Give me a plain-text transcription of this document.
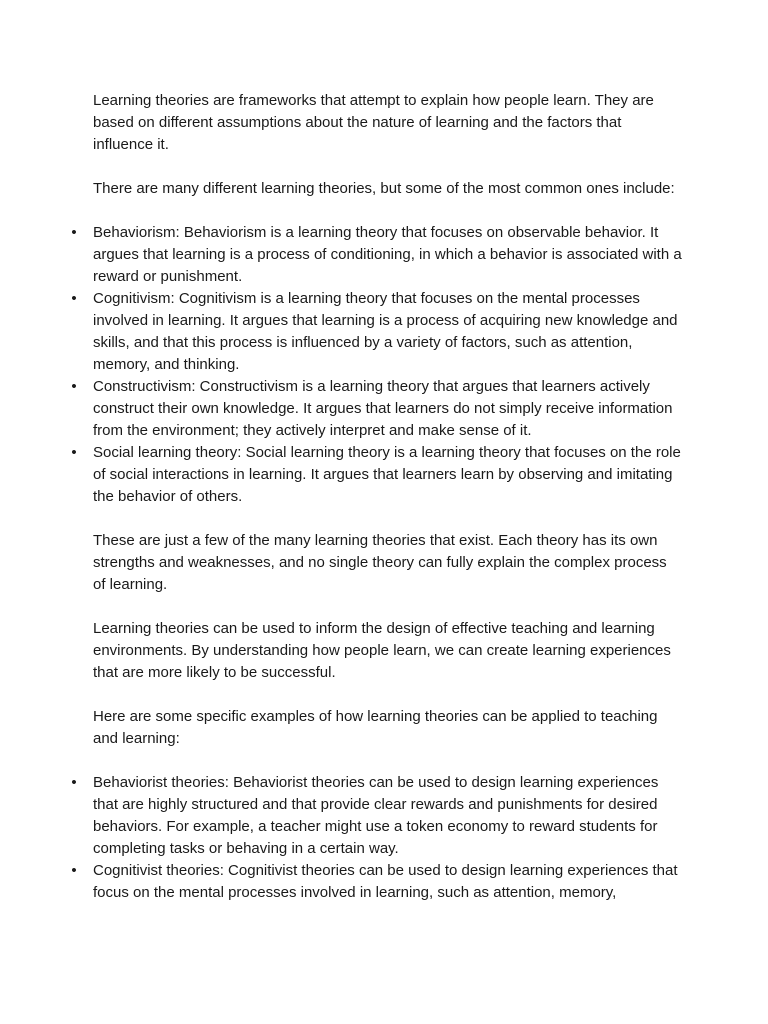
Learning theories are frameworks that attempt to explain how people learn. They are based on different assumptions about the nature of learning and the factors that influence it.

There are many different learning theories, but some of the most common ones include:

• Behaviorism: Behaviorism is a learning theory that focuses on observable behavior. It argues that learning is a process of conditioning, in which a behavior is associated with a reward or punishment.
• Cognitivism: Cognitivism is a learning theory that focuses on the mental processes involved in learning. It argues that learning is a process of acquiring new knowledge and skills, and that this process is influenced by a variety of factors, such as attention, memory, and thinking.
• Constructivism: Constructivism is a learning theory that argues that learners actively construct their own knowledge. It argues that learners do not simply receive information from the environment; they actively interpret and make sense of it.
• Social learning theory: Social learning theory is a learning theory that focuses on the role of social interactions in learning. It argues that learners learn by observing and imitating the behavior of others.

These are just a few of the many learning theories that exist. Each theory has its own strengths and weaknesses, and no single theory can fully explain the complex process of learning.

Learning theories can be used to inform the design of effective teaching and learning environments. By understanding how people learn, we can create learning experiences that are more likely to be successful.

Here are some specific examples of how learning theories can be applied to teaching and learning:

• Behaviorist theories: Behaviorist theories can be used to design learning experiences that are highly structured and that provide clear rewards and punishments for desired behaviors. For example, a teacher might use a token economy to reward students for completing tasks or behaving in a certain way.
• Cognitivist theories: Cognitivist theories can be used to design learning experiences that focus on the mental processes involved in learning, such as attention, memory,
